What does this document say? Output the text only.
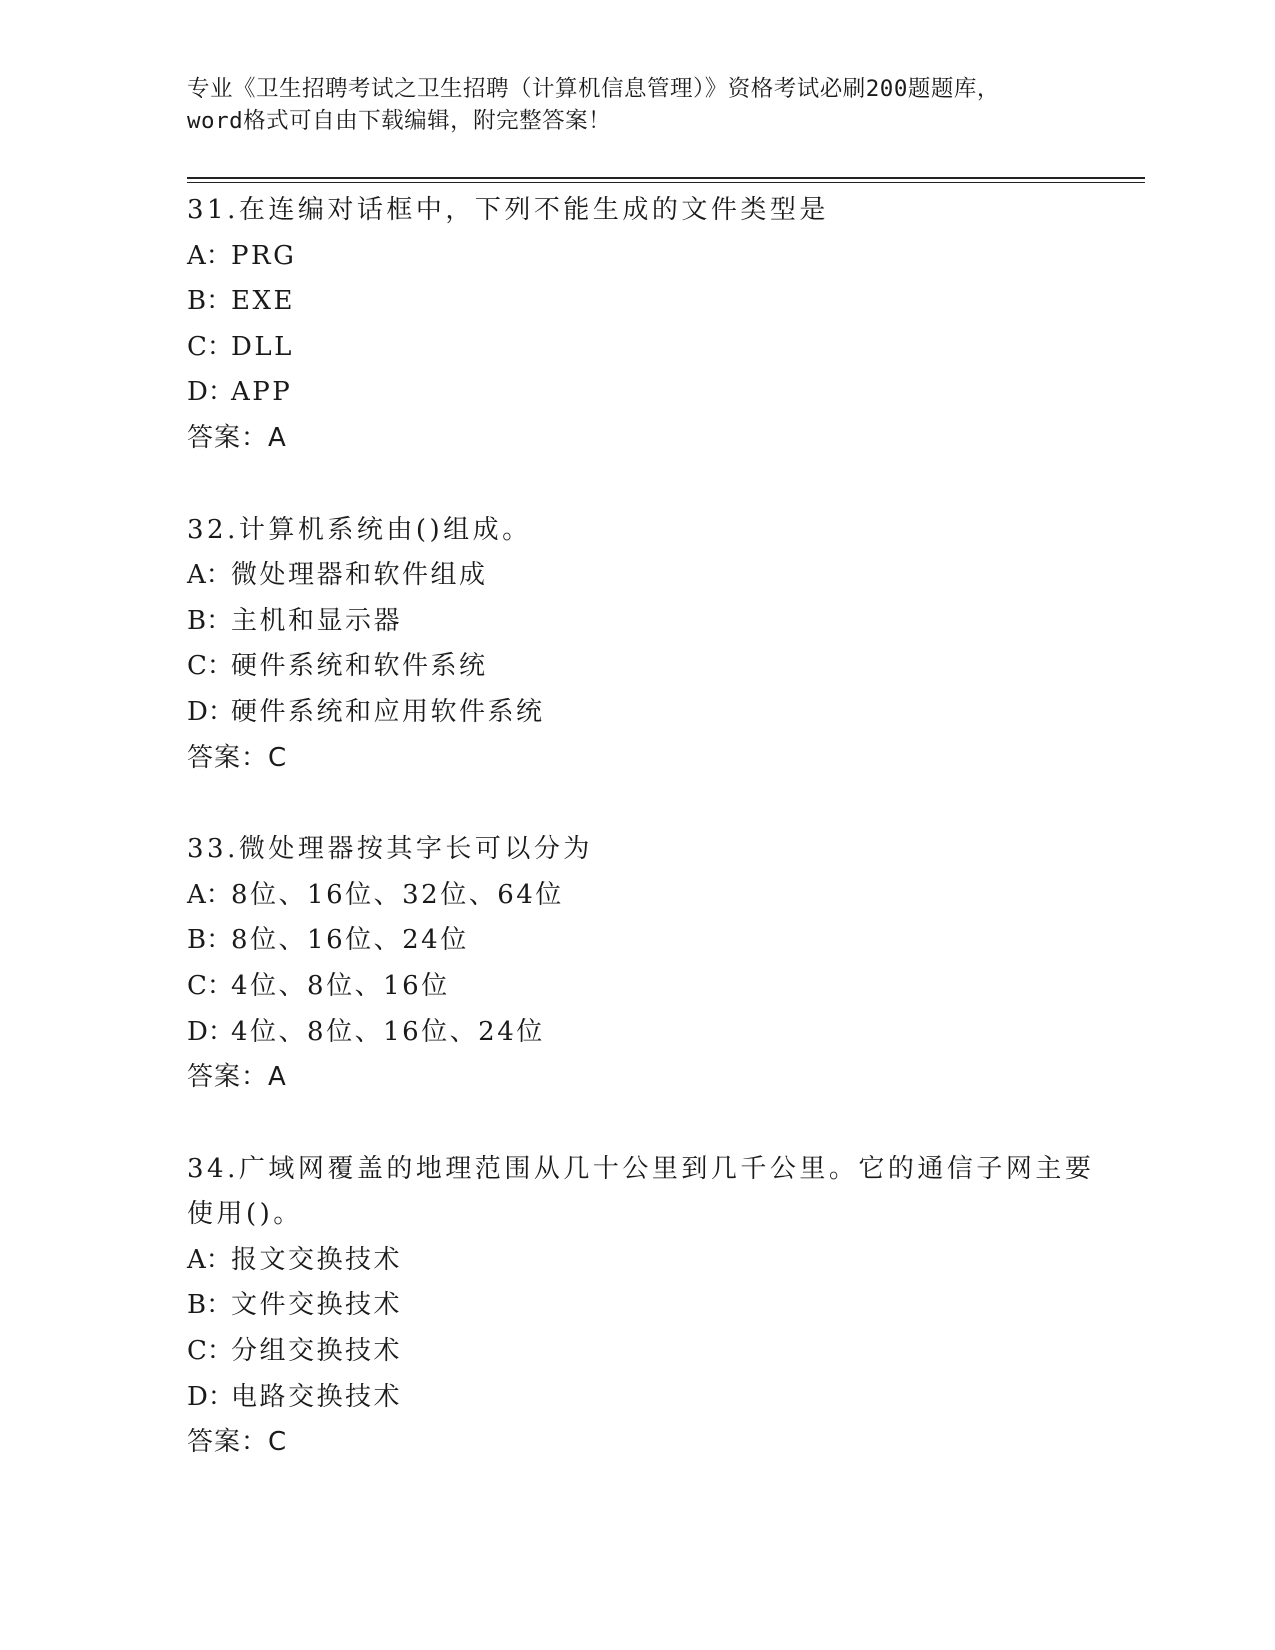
专业《卫生招聘考试之卫生招聘（计算机信息管理）》资格考试必刷200题题库，
word格式可自由下载编辑，附完整答案！
31.在连编对话框中，下列不能生成的文件类型是
A：PRG
B：EXE
C：DLL
D：APP
答案：A
32.计算机系统由()组成。
A：微处理器和软件组成
B：主机和显示器
C：硬件系统和软件系统
D：硬件系统和应用软件系统
答案：C
33.微处理器按其字长可以分为
A：8位、16位、32位、64位
B：8位、16位、24位
C：4位、8位、16位
D：4位、8位、16位、24位
答案：A
34.广域网覆盖的地理范围从几十公里到几千公里。它的通信子网主要
使用()。
A：报文交换技术
B：文件交换技术
C：分组交换技术
D：电路交换技术
答案：C
